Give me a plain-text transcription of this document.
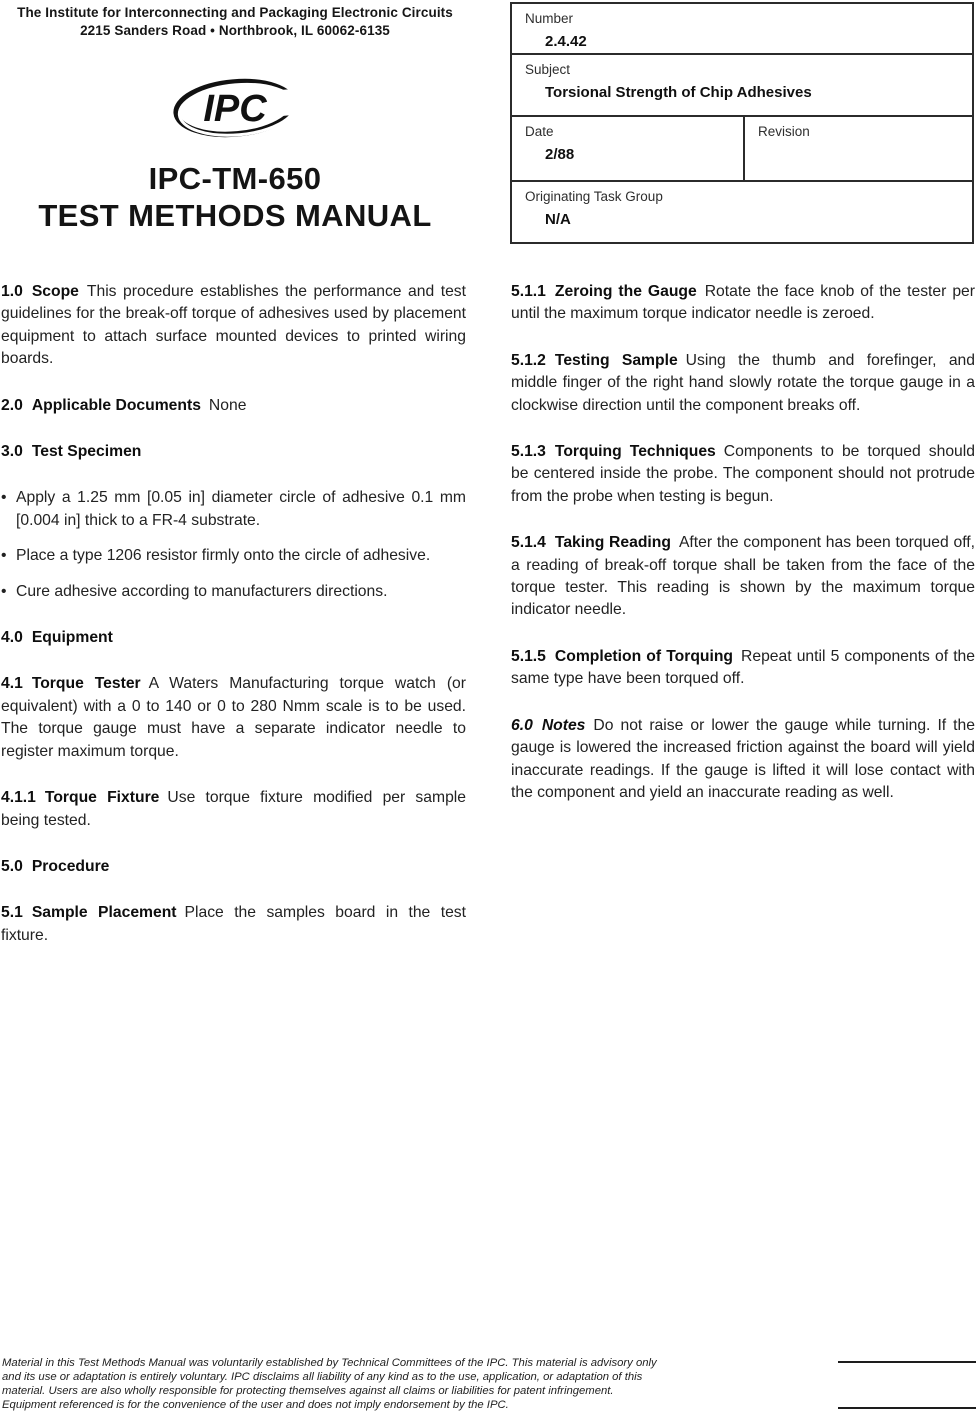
The Institute for Interconnecting and Packaging Electronic Circuits
2215 Sanders Road • Northbrook, IL 60062-6135
IPC
IPC-TM-650
TEST METHODS MANUAL
Number
2.4.42
Subject
Torsional Strength of Chip Adhesives
Date
2/88
Revision
Originating Task Group
N/A

1.0 Scope This procedure establishes the performance and test guidelines for the break-off torque of adhesives used by placement equipment to attach surface mounted devices to printed wiring boards.

2.0 Applicable Documents None

3.0 Test Specimen

• Apply a 1.25 mm [0.05 in] diameter circle of adhesive 0.1 mm [0.004 in] thick to a FR-4 substrate.

• Place a type 1206 resistor firmly onto the circle of adhesive.

• Cure adhesive according to manufacturers directions.

4.0 Equipment

4.1 Torque Tester A Waters Manufacturing torque watch (or equivalent) with a 0 to 140 or 0 to 280 Nmm scale is to be used. The torque gauge must have a separate indicator needle to register maximum torque.

4.1.1 Torque Fixture Use torque fixture modified per sample being tested.

5.0 Procedure

5.1 Sample Placement Place the samples board in the test fixture.

5.1.1 Zeroing the Gauge Rotate the face knob of the tester per until the maximum torque indicator needle is zeroed.

5.1.2 Testing Sample Using the thumb and forefinger, and middle finger of the right hand slowly rotate the torque gauge in a clockwise direction until the component breaks off.

5.1.3 Torquing Techniques Components to be torqued should be centered inside the probe. The component should not protrude from the probe when testing is begun.

5.1.4 Taking Reading After the component has been torqued off, a reading of break-off torque shall be taken from the face of the torque tester. This reading is shown by the maximum torque indicator needle.

5.1.5 Completion of Torquing Repeat until 5 components of the same type have been torqued off.

6.0 Notes Do not raise or lower the gauge while turning. If the gauge is lowered the increased friction against the board will yield inaccurate readings. If the gauge is lifted it will lose contact with the component and yield an inaccurate reading as well.

Material in this Test Methods Manual was voluntarily established by Technical Committees of the IPC. This material is advisory only
and its use or adaptation is entirely voluntary. IPC disclaims all liability of any kind as to the use, application, or adaptation of this
material. Users are also wholly responsible for protecting themselves against all claims or liabilities for patent infringement.
Equipment referenced is for the convenience of the user and does not imply endorsement by the IPC.
